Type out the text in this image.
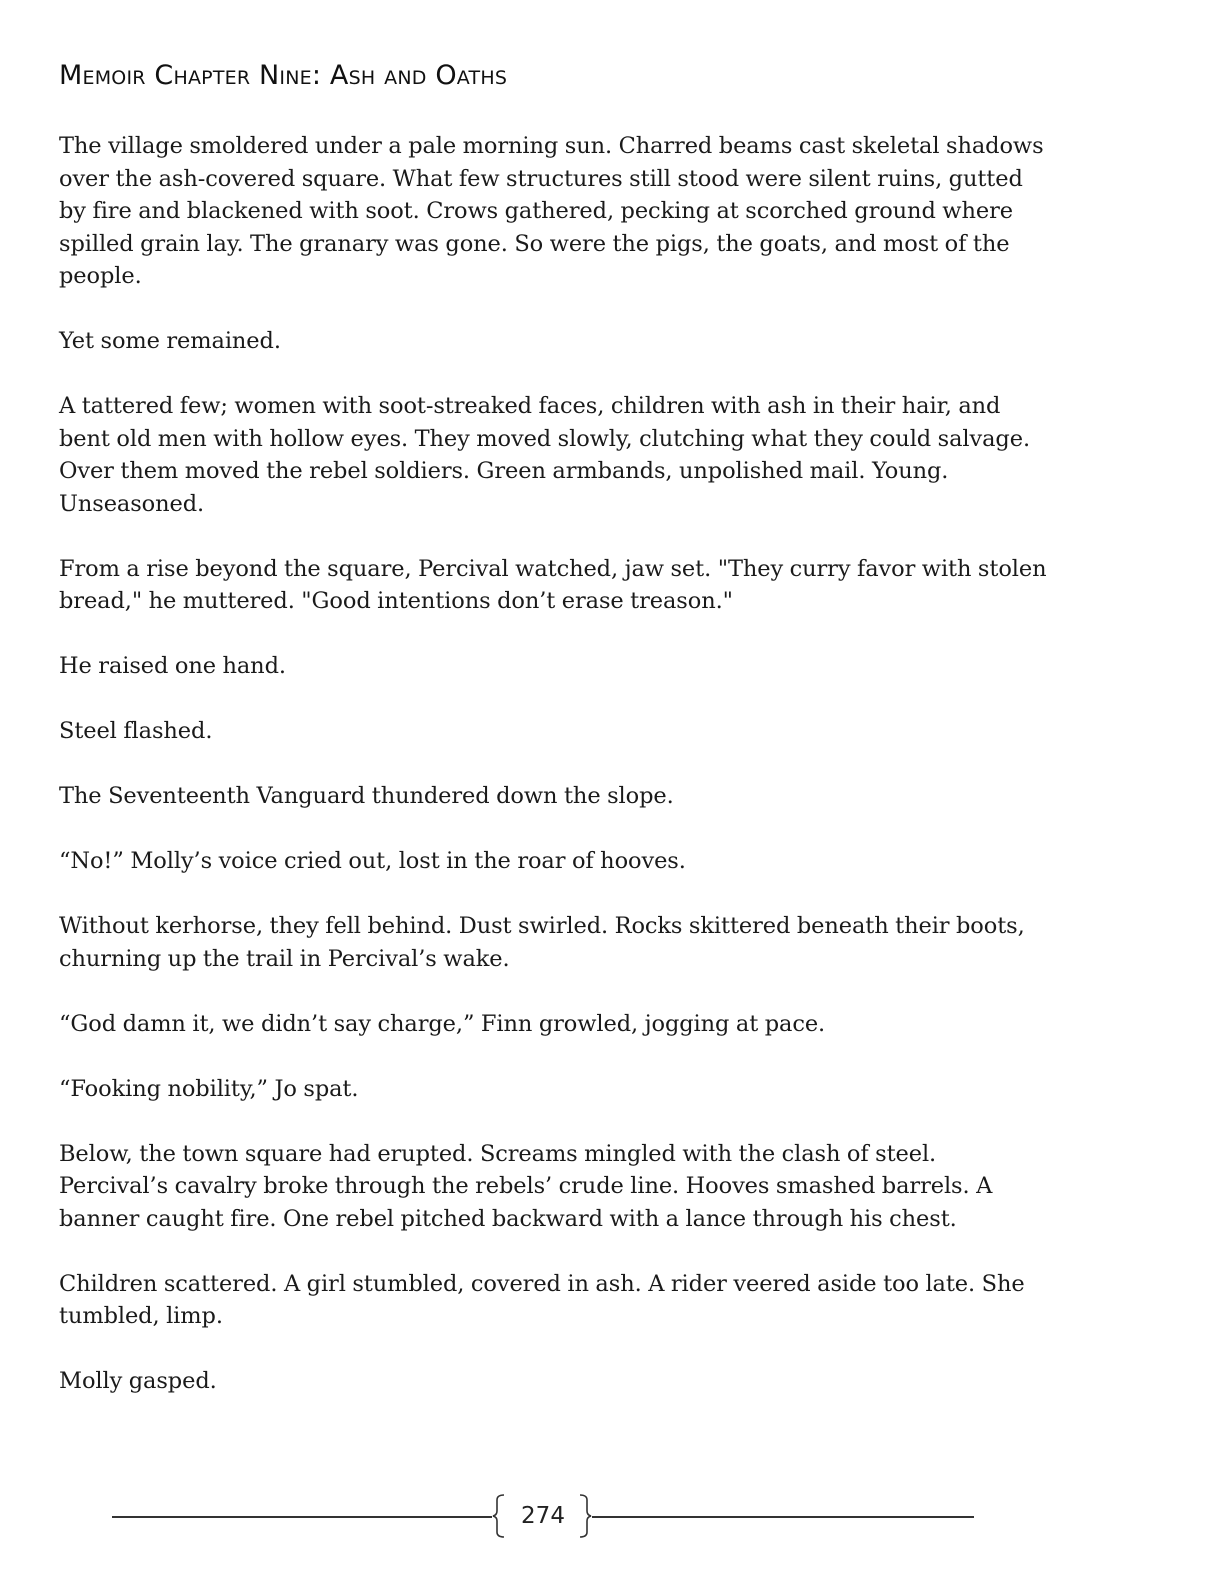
Memoir Chapter Nine: Ash and Oaths

The village smoldered under a pale morning sun. Charred beams cast skeletal shadows over the ash-covered square. What few structures still stood were silent ruins, gutted by fire and blackened with soot. Crows gathered, pecking at scorched ground where spilled grain lay. The granary was gone. So were the pigs, the goats, and most of the people.

Yet some remained.

A tattered few; women with soot-streaked faces, children with ash in their hair, and bent old men with hollow eyes. They moved slowly, clutching what they could salvage. Over them moved the rebel soldiers. Green armbands, unpolished mail. Young. Unseasoned.

From a rise beyond the square, Percival watched, jaw set. "They curry favor with stolen bread," he muttered. "Good intentions don’t erase treason."

He raised one hand.

Steel flashed.

The Seventeenth Vanguard thundered down the slope.

“No!” Molly’s voice cried out, lost in the roar of hooves.

Without kerhorse, they fell behind. Dust swirled. Rocks skittered beneath their boots, churning up the trail in Percival’s wake.

“God damn it, we didn’t say charge,” Finn growled, jogging at pace.

“Fooking nobility,” Jo spat.

Below, the town square had erupted. Screams mingled with the clash of steel. Percival’s cavalry broke through the rebels’ crude line. Hooves smashed barrels. A banner caught fire. One rebel pitched backward with a lance through his chest.

Children scattered. A girl stumbled, covered in ash. A rider veered aside too late. She tumbled, limp.

Molly gasped.

274
